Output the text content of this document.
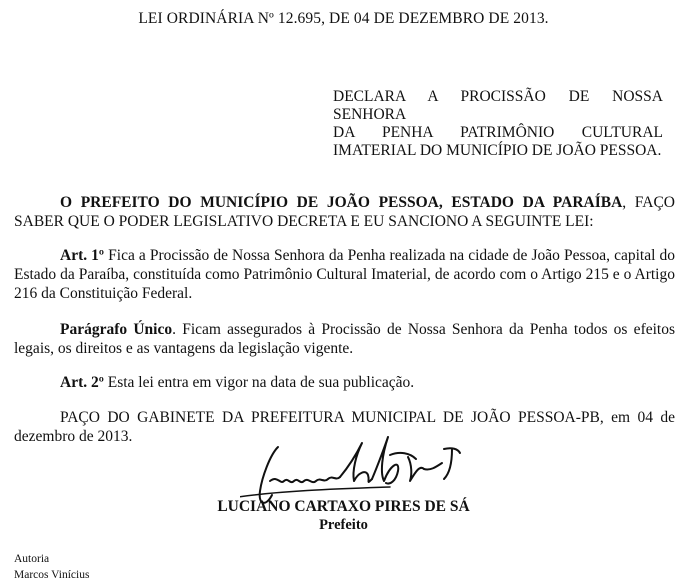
LEI ORDINÁRIA Nº 12.695, DE 04 DE DEZEMBRO DE 2013.
DECLARA A PROCISSÃO DE NOSSA SENHORA
DA PENHA PATRIMÔNIO CULTURAL
IMATERIAL DO MUNICÍPIO DE JOÃO PESSOA.
O PREFEITO DO MUNICÍPIO DE JOÃO PESSOA, ESTADO DA PARAÍBA, FAÇO SABER QUE O PODER LEGISLATIVO DECRETA E EU SANCIONO A SEGUINTE LEI:
Art. 1º Fica a Procissão de Nossa Senhora da Penha realizada na cidade de João Pessoa, capital do Estado da Paraíba, constituída como Patrimônio Cultural Imaterial, de acordo com o Artigo 215 e o Artigo 216 da Constituição Federal.
Parágrafo Único. Ficam assegurados à Procissão de Nossa Senhora da Penha todos os efeitos legais, os direitos e as vantagens da legislação vigente.
Art. 2º Esta lei entra em vigor na data de sua publicação.
PAÇO DO GABINETE DA PREFEITURA MUNICIPAL DE JOÃO PESSOA-PB, em 04 de dezembro de 2013.
LUCIANO CARTAXO PIRES DE SÁ
Prefeito
Autoria
Marcos Vinícius
